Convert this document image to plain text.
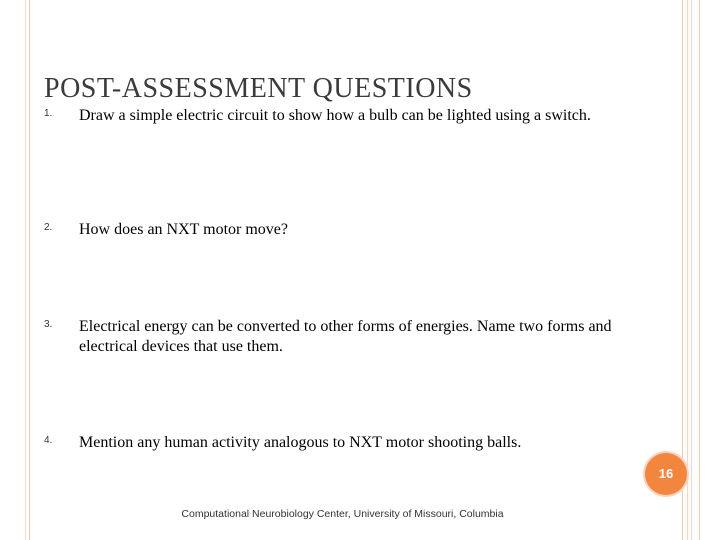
POST-ASSESSMENT QUESTIONS
1.	Draw a simple electric circuit to show how a bulb can be lighted using a switch.
2.	How does an NXT motor move?
3.	Electrical energy can be converted to other forms of energies. Name two forms and electrical devices that use them.
4.	Mention any human activity analogous to NXT motor shooting balls.
16
Computational Neurobiology Center, University of Missouri, Columbia
